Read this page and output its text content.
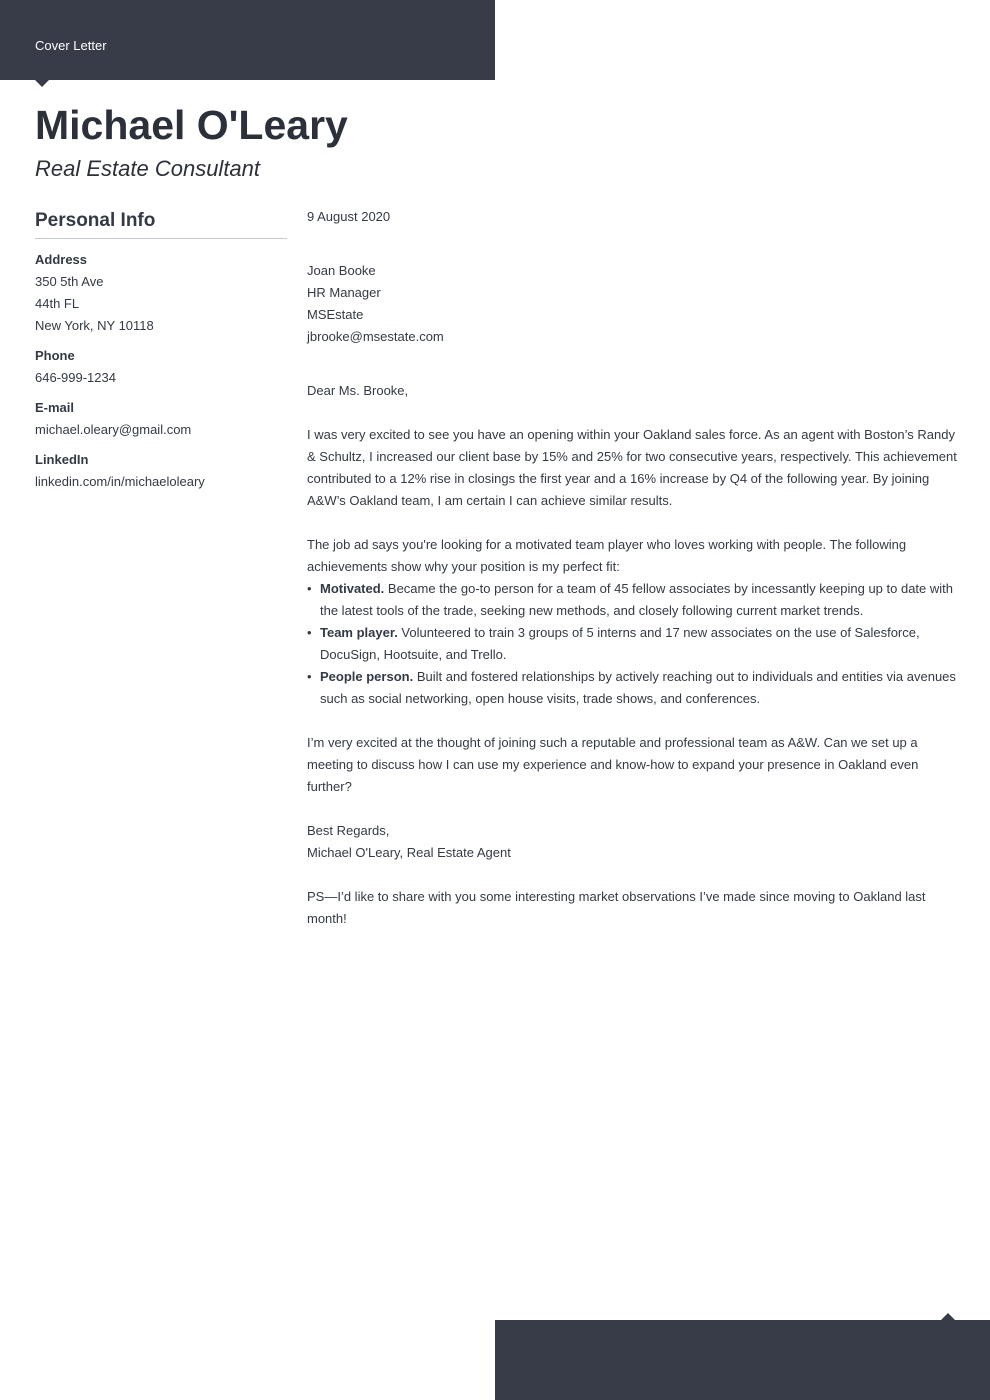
Cover Letter
Michael O'Leary
Real Estate Consultant
Personal Info
Address
350 5th Ave
44th FL
New York, NY 10118
Phone
646-999-1234
E-mail
michael.oleary@gmail.com
LinkedIn
linkedin.com/in/michaeloleary

9 August 2020

Joan Booke

HR Manager

MSEstate

jbrooke@msestate.com

Dear Ms. Brooke,

I was very excited to see you have an opening within your Oakland sales force. As an agent with Boston’s Randy & Schultz, I increased our client base by 15% and 25% for two consecutive years, respectively. This achievement contributed to a 12% rise in closings the first year and a 16% increase by Q4 of the following year. By joining A&W’s Oakland team, I am certain I can achieve similar results.

The job ad says you're looking for a motivated team player who loves working with people. The following achievements show why your position is my perfect fit:

• Motivated. Became the go-to person for a team of 45 fellow associates by incessantly keeping up to date with the latest tools of the trade, seeking new methods, and closely following current market trends.
• Team player. Volunteered to train 3 groups of 5 interns and 17 new associates on the use of Salesforce, DocuSign, Hootsuite, and Trello.
• People person. Built and fostered relationships by actively reaching out to individuals and entities via avenues such as social networking, open house visits, trade shows, and conferences.

I’m very excited at the thought of joining such a reputable and professional team as A&W. Can we set up a meeting to discuss how I can use my experience and know-how to expand your presence in Oakland even further?

Best Regards,

Michael O'Leary, Real Estate Agent

PS—I’d like to share with you some interesting market observations I’ve made since moving to Oakland last month!
